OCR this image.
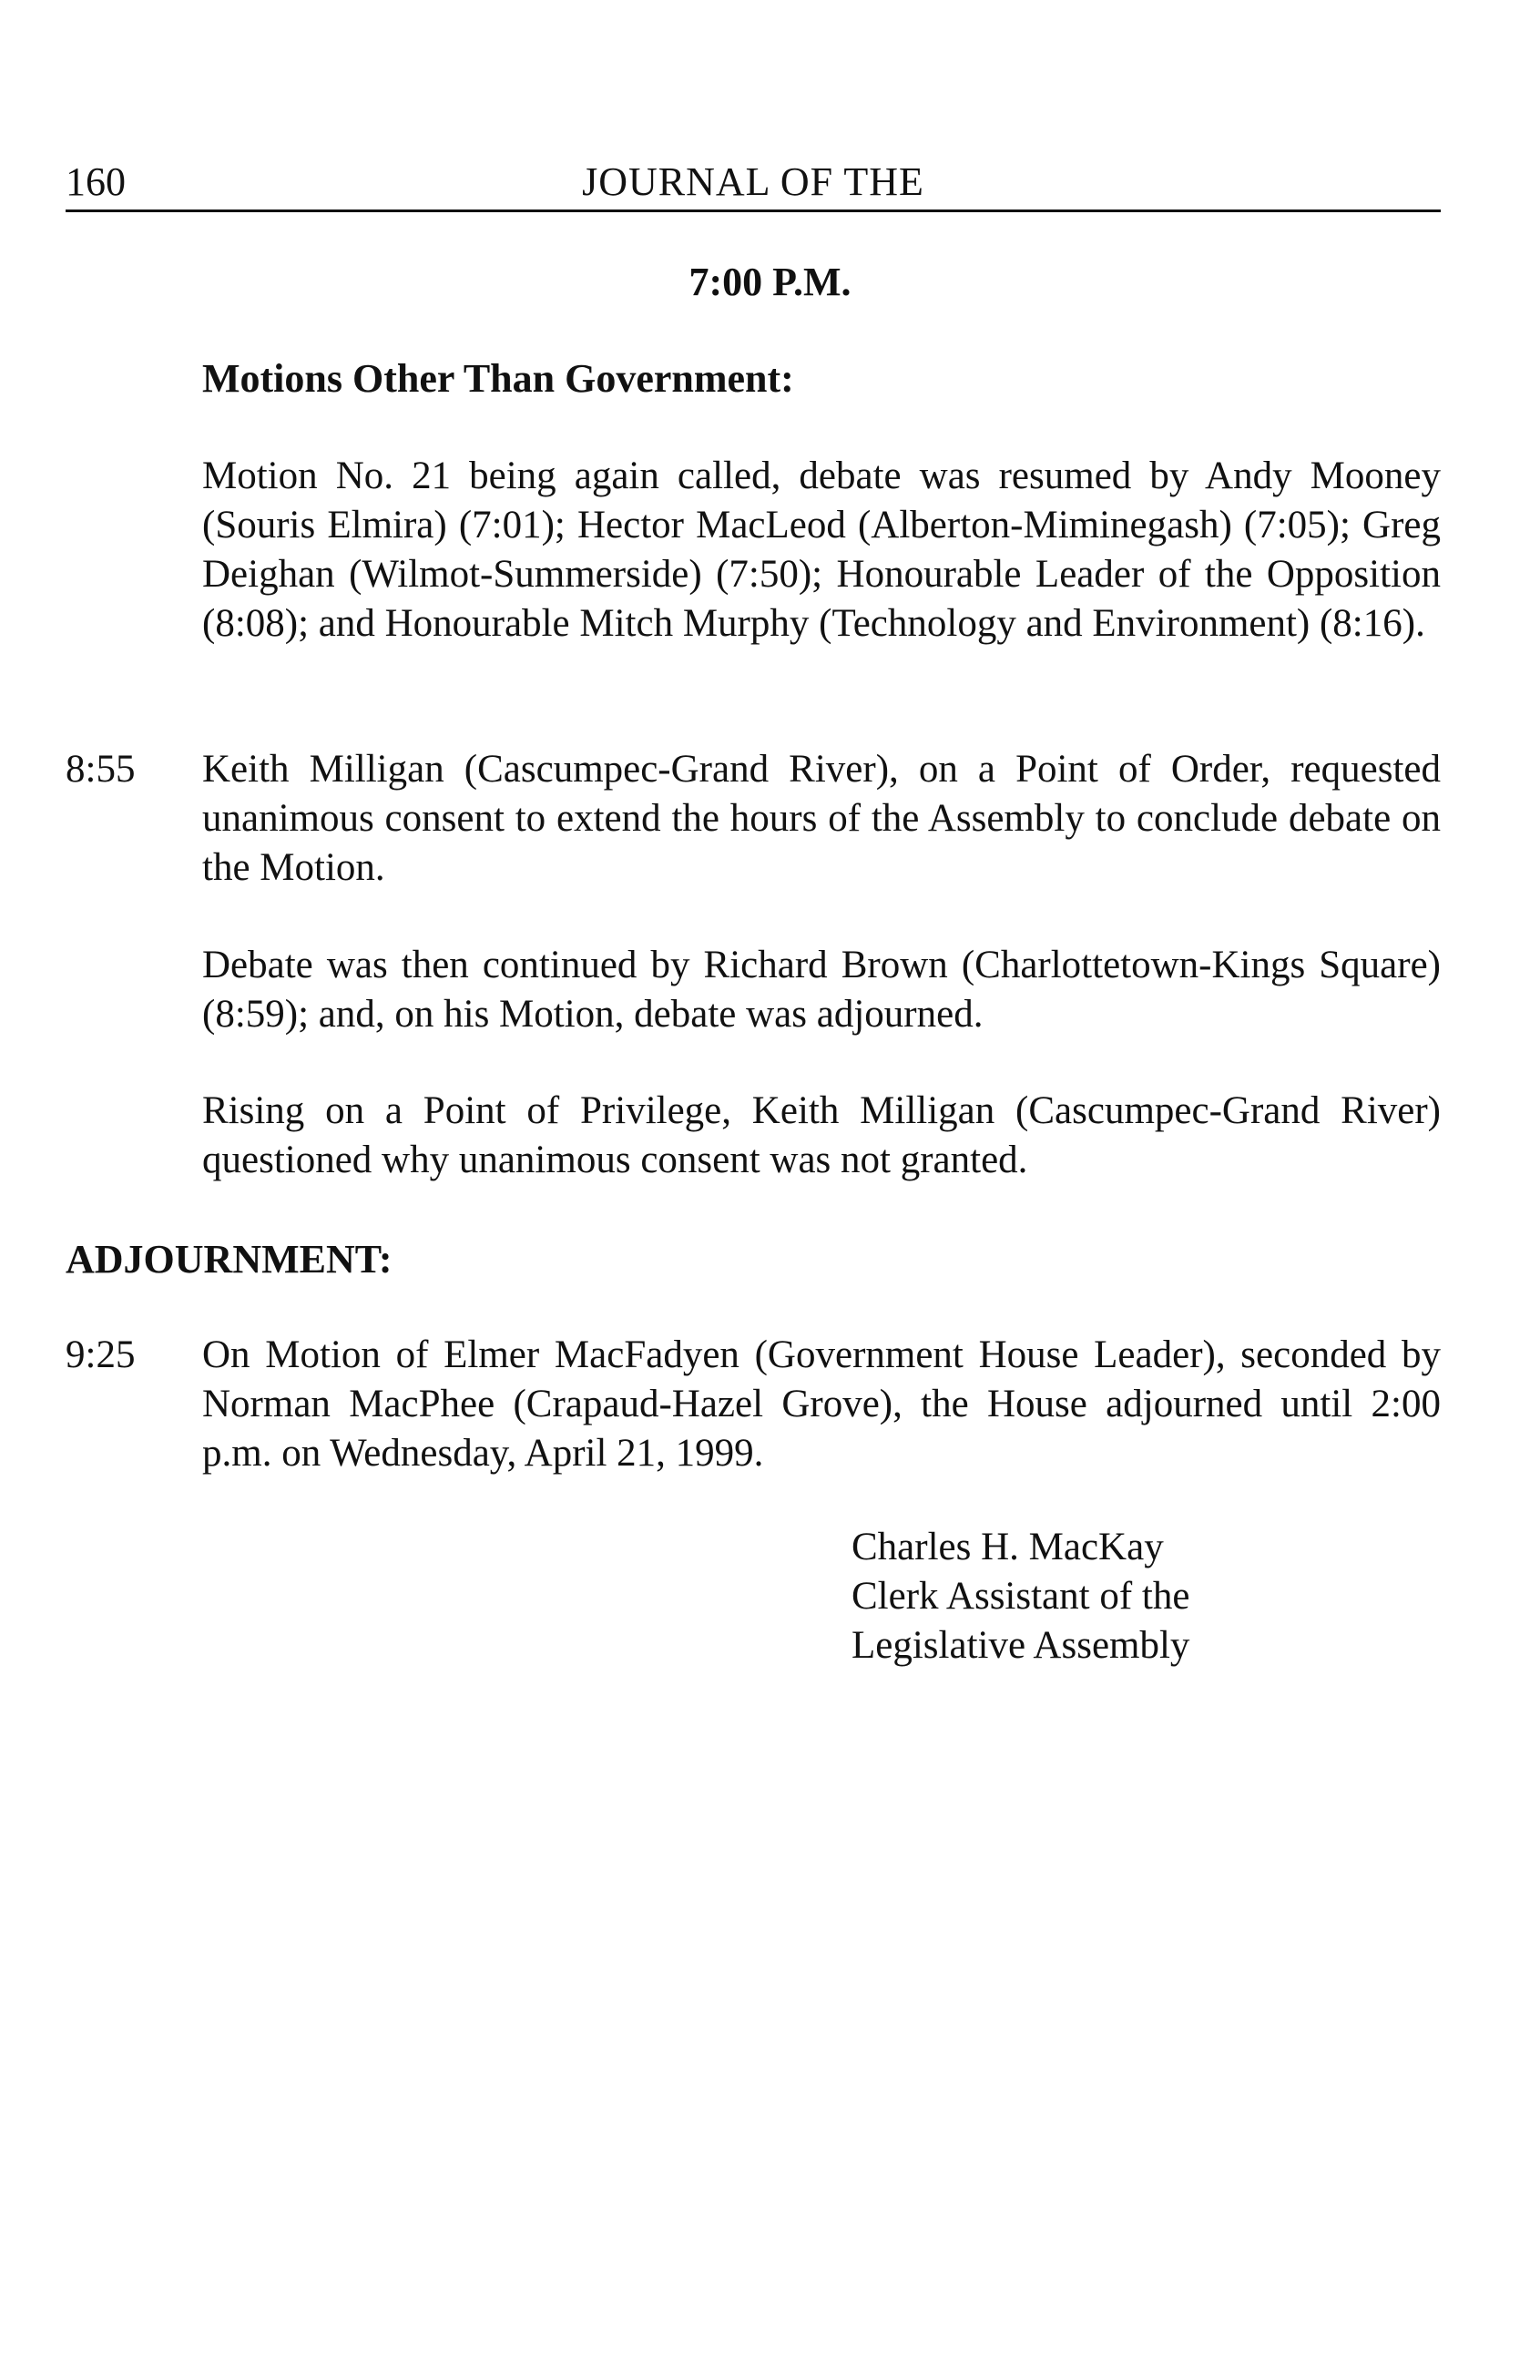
160	JOURNAL OF THE
7:00 P.M.
Motions Other Than Government:

Motion No. 21 being again called, debate was resumed by Andy Mooney (Souris Elmira) (7:01); Hector MacLeod (Alberton-Miminegash) (7:05); Greg Deighan (Wilmot-Summerside) (7:50); Honourable Leader of the Opposition (8:08); and Honourable Mitch Murphy (Technology and Environment) (8:16).

8:55 Keith Milligan (Cascumpec-Grand River), on a Point of Order, requested unanimous consent to extend the hours of the Assembly to conclude debate on the Motion.

Debate was then continued by Richard Brown (Charlottetown-Kings Square) (8:59); and, on his Motion, debate was adjourned.

Rising on a Point of Privilege, Keith Milligan (Cascumpec-Grand River) questioned why unanimous consent was not granted.

ADJOURNMENT:
9:25 On Motion of Elmer MacFadyen (Government House Leader), seconded by Norman MacPhee (Crapaud-Hazel Grove), the House adjourned until 2:00 p.m. on Wednesday, April 21, 1999.

Charles H. MacKay
Clerk Assistant of the
Legislative Assembly
